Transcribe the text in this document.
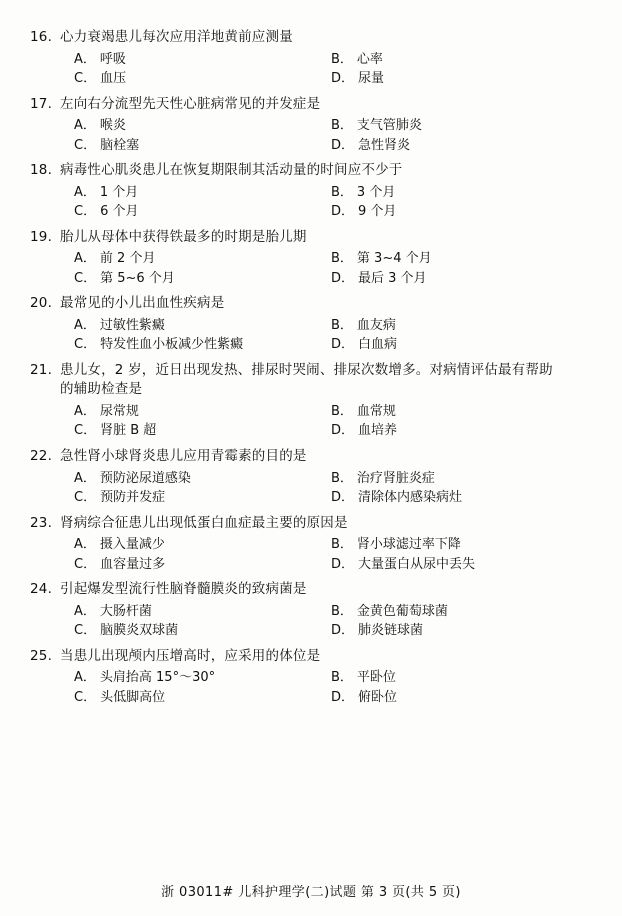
16. 心力衰竭患儿每次应用洋地黄前应测量
A． 呼吸	B． 心率
C． 血压	D． 尿量
17. 左向右分流型先天性心脏病常见的并发症是
A． 喉炎	B． 支气管肺炎
C． 脑栓塞	D． 急性肾炎
18. 病毒性心肌炎患儿在恢复期限制其活动量的时间应不少于
A． 1 个月	B． 3 个月
C． 6 个月	D． 9 个月
19. 胎儿从母体中获得铁最多的时期是胎儿期
A． 前 2 个月	B． 第 3~4 个月
C． 第 5~6 个月	D． 最后 3 个月
20. 最常见的小儿出血性疾病是
A． 过敏性紫癜	B． 血友病
C． 特发性血小板减少性紫癜	D． 白血病
21. 患儿女，2 岁，近日出现发热、排尿时哭闹、排尿次数增多。对病情评估最有帮助
的辅助检查是
A． 尿常规	B． 血常规
C． 肾脏 B 超	D． 血培养
22. 急性肾小球肾炎患儿应用青霉素的目的是
A． 预防泌尿道感染	B． 治疗肾脏炎症
C． 预防并发症	D． 清除体内感染病灶
23. 肾病综合征患儿出现低蛋白血症最主要的原因是
A． 摄入量减少	B． 肾小球滤过率下降
C． 血容量过多	D． 大量蛋白从尿中丢失
24. 引起爆发型流行性脑脊髓膜炎的致病菌是
A． 大肠杆菌	B． 金黄色葡萄球菌
C． 脑膜炎双球菌	D． 肺炎链球菌
25. 当患儿出现颅内压增高时，应采用的体位是
A． 头肩抬高 15°～30°	B． 平卧位
C． 头低脚高位	D． 俯卧位
浙 03011# 儿科护理学(二)试题 第 3 页(共 5 页)
